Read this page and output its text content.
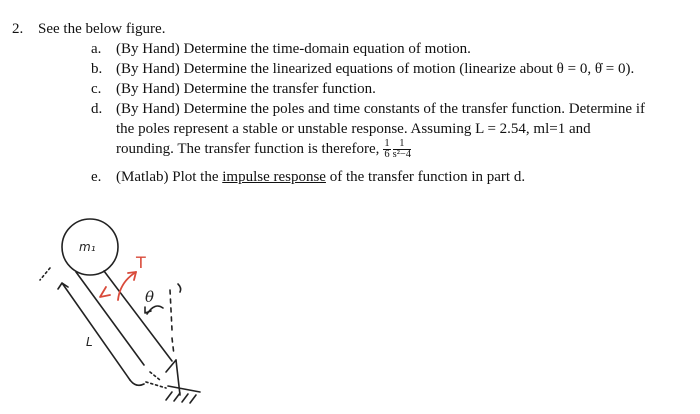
2. See the below figure.
a. (By Hand) Determine the time-domain equation of motion.
b. (By Hand) Determine the linearized equations of motion (linearize about θ = 0, θ̇ = 0).
c. (By Hand) Determine the transfer function.
d. (By Hand) Determine the poles and time constants of the transfer function. Determine if
the poles represent a stable or unstable response. Assuming L = 2.54, ml=1 and
rounding. The transfer function is therefore, $\frac{1}{6} \frac{1}{\text{s²−4}}$
e. (Matlab) Plot the impulse response of the transfer function in part d.
m₁
T
θ
L
